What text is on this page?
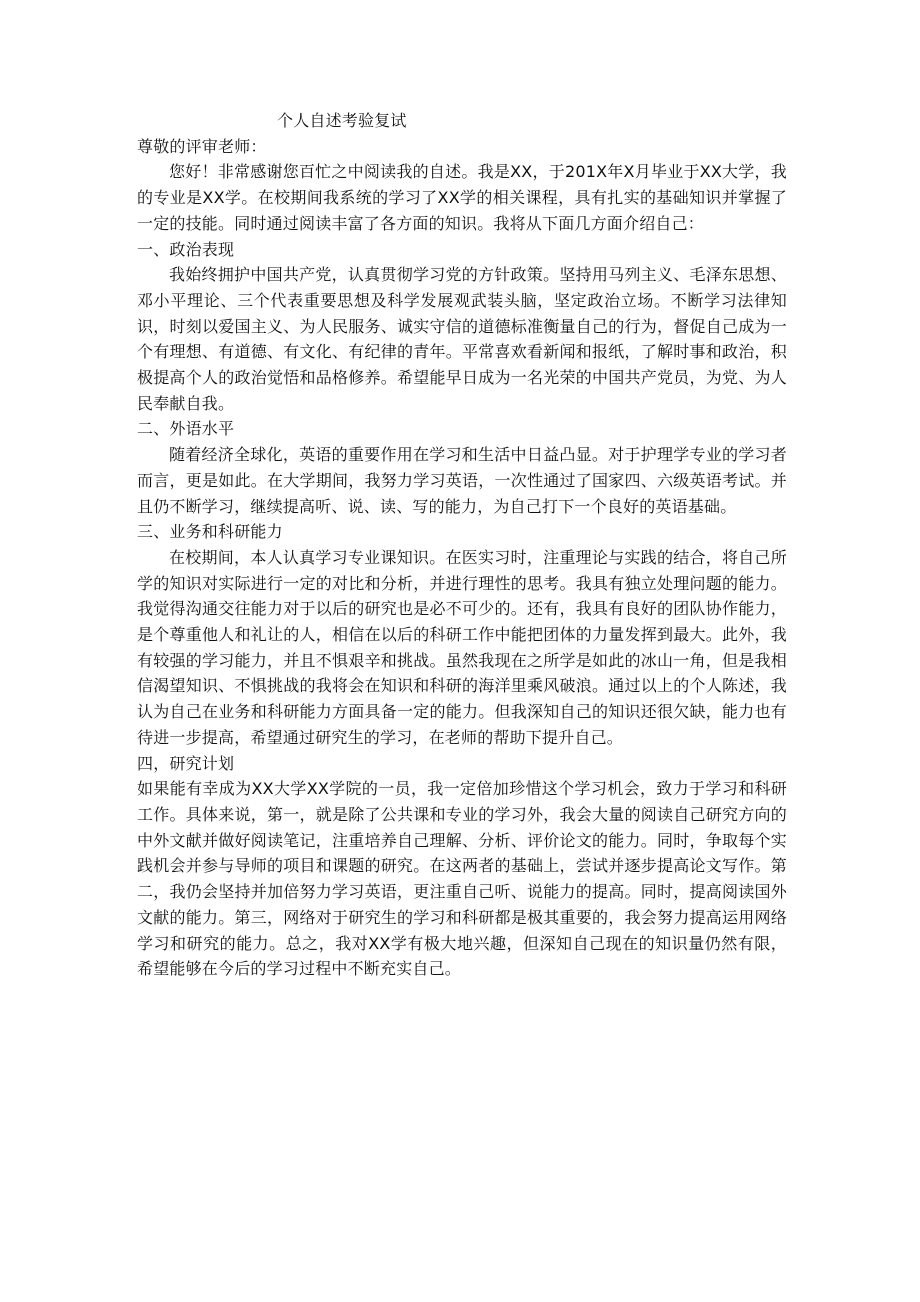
个人自述考验复试

尊敬的评审老师：

您好！非常感谢您百忙之中阅读我的自述。我是XX，于201X年X月毕业于XX大学，我的专业是XX学。在校期间我系统的学习了XX学的相关课程，具有扎实的基础知识并掌握了一定的技能。同时通过阅读丰富了各方面的知识。我将从下面几方面介绍自己：

一、政治表现

我始终拥护中国共产党，认真贯彻学习党的方针政策。坚持用马列主义、毛泽东思想、邓小平理论、三个代表重要思想及科学发展观武装头脑，坚定政治立场。不断学习法律知识，时刻以爱国主义、为人民服务、诚实守信的道德标准衡量自己的行为，督促自己成为一个有理想、有道德、有文化、有纪律的青年。平常喜欢看新闻和报纸，了解时事和政治，积极提高个人的政治觉悟和品格修养。希望能早日成为一名光荣的中国共产党员，为党、为人民奉献自我。

二、外语水平

随着经济全球化，英语的重要作用在学习和生活中日益凸显。对于护理学专业的学习者而言，更是如此。在大学期间，我努力学习英语，一次性通过了国家四、六级英语考试。并且仍不断学习，继续提高听、说、读、写的能力，为自己打下一个良好的英语基础。

三、业务和科研能力

在校期间，本人认真学习专业课知识。在医实习时，注重理论与实践的结合，将自己所学的知识对实际进行一定的对比和分析，并进行理性的思考。我具有独立处理问题的能力。我觉得沟通交往能力对于以后的研究也是必不可少的。还有，我具有良好的团队协作能力，是个尊重他人和礼让的人，相信在以后的科研工作中能把团体的力量发挥到最大。此外，我有较强的学习能力，并且不惧艰辛和挑战。虽然我现在之所学是如此的冰山一角，但是我相信渴望知识、不惧挑战的我将会在知识和科研的海洋里乘风破浪。通过以上的个人陈述，我认为自己在业务和科研能力方面具备一定的能力。但我深知自己的知识还很欠缺，能力也有待进一步提高，希望通过研究生的学习，在老师的帮助下提升自己。

四，研究计划

如果能有幸成为XX大学XX学院的一员，我一定倍加珍惜这个学习机会，致力于学习和科研工作。具体来说，第一，就是除了公共课和专业的学习外，我会大量的阅读自己研究方向的中外文献并做好阅读笔记，注重培养自己理解、分析、评价论文的能力。同时，争取每个实践机会并参与导师的项目和课题的研究。在这两者的基础上，尝试并逐步提高论文写作。第二，我仍会坚持并加倍努力学习英语，更注重自己听、说能力的提高。同时，提高阅读国外文献的能力。第三，网络对于研究生的学习和科研都是极其重要的，我会努力提高运用网络学习和研究的能力。总之，我对XX学有极大地兴趣，但深知自己现在的知识量仍然有限，希望能够在今后的学习过程中不断充实自己。
